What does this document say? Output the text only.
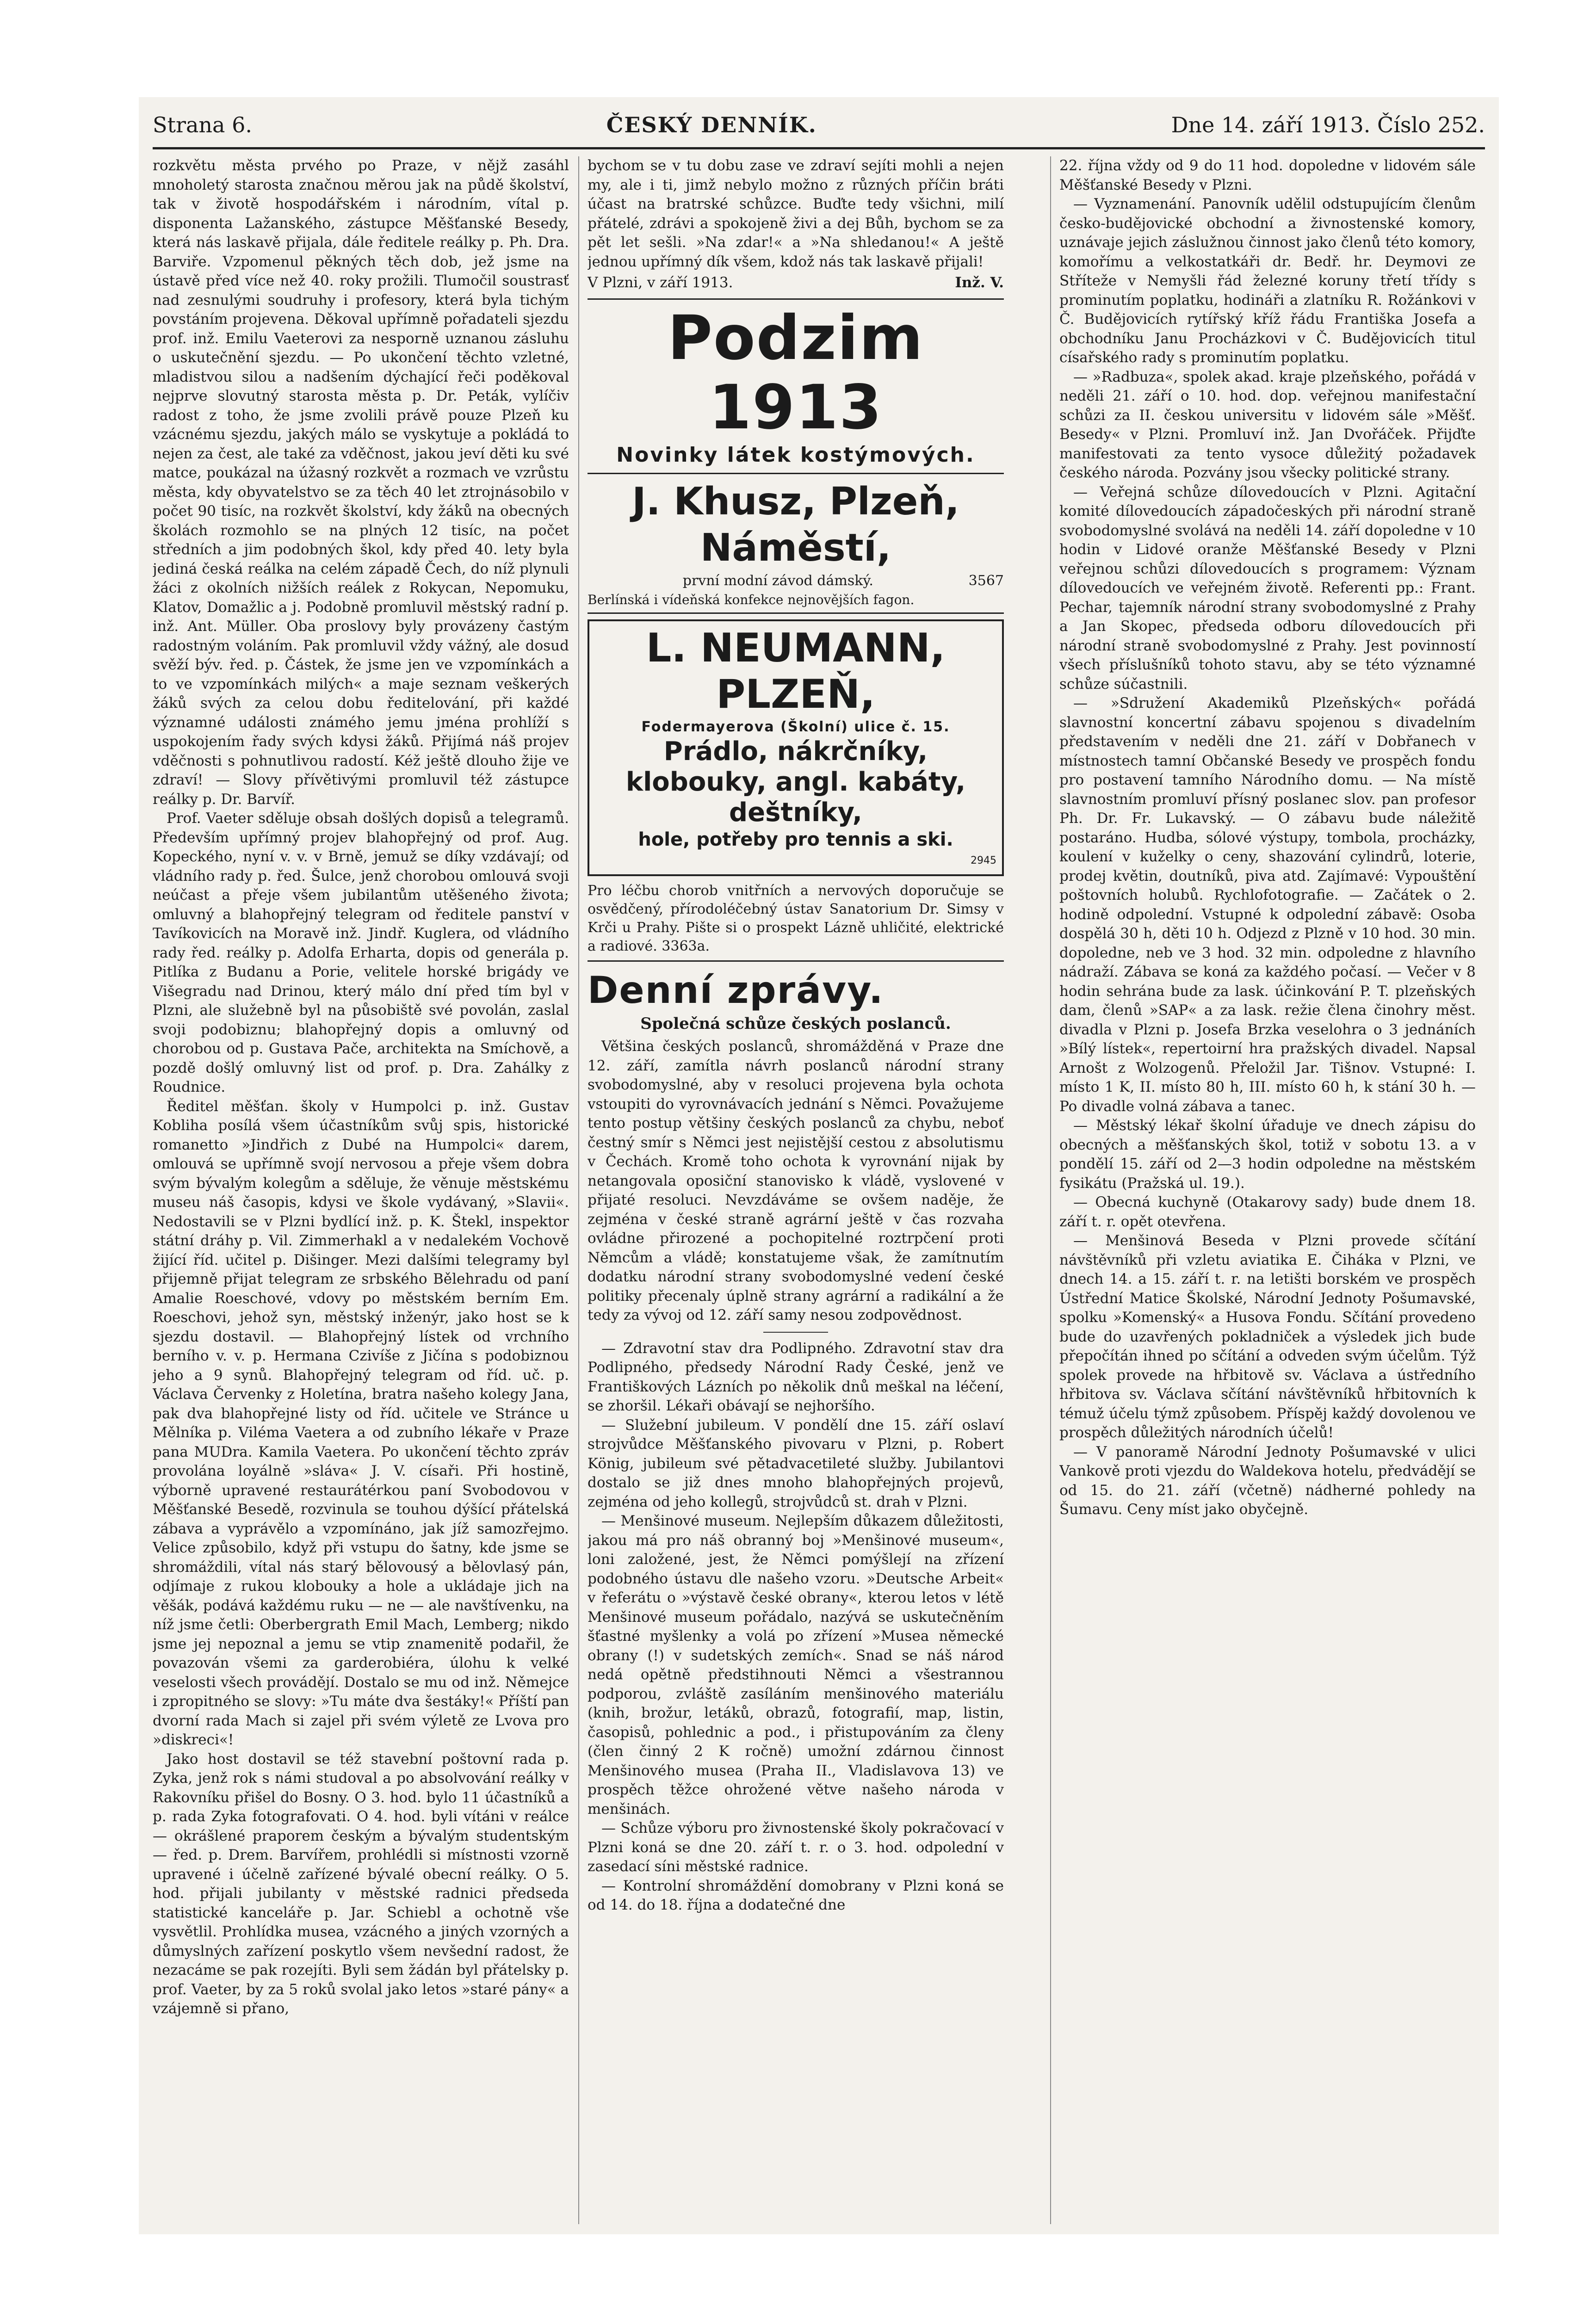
Strana 6.	ČESKÝ DENNÍK.	Dne 14. září 1913. Číslo 252.

rozkvětu města prvého po Praze, v nějž zasáhl mnoholetý starosta značnou měrou jak na půdě školství, tak v životě hospodářském i národním, vítal p. disponenta Lažanského, zástupce Měšťanské Besedy, která nás laskavě přijala, dále ředitele reálky p. Ph. Dra. Barviře. Vzpomenul pěkných těch dob, jež jsme na ústavě před více než 40. roky prožili. Tlumočil soustrasť nad zesnulými soudruhy i profesory, která byla tichým povstáním projevena. Děkoval upřímně pořadateli sjezdu prof. inž. Emilu Vaeterovi za nesporně uznanou zásluhu o uskutečnění sjezdu. — Po ukončení těchto vzletné, mladistvou silou a nadšením dýchající řeči poděkoval nejprve slovutný starosta města p. Dr. Peták, vylíčiv radost z toho, že jsme zvolili právě pouze Plzeň ku vzácnému sjezdu, jakých málo se vyskytuje a pokládá to nejen za čest, ale také za vděčnost, jakou jeví děti ku své matce, poukázal na úžasný rozkvět a rozmach ve vzrůstu města, kdy obyvatelstvo se za těch 40 let ztrojnásobilo v počet 90 tisíc, na rozkvět školství, kdy žáků na obecných školách rozmohlo se na plných 12 tisíc, na počet středních a jim podobných škol, kdy před 40. lety byla jediná česká reálka na celém západě Čech, do níž plynuli žáci z okolních nižších reálek z Rokycan, Nepomuku, Klatov, Domažlic a j. Podobně promluvil městský radní p. inž. Ant. Müller. Oba proslovy byly provázeny častým radostným voláním. Pak promluvil vždy vážný, ale dosud svěží býv. řed. p. Částek, že jsme jen ve vzpomínkách a to ve vzpomínkách milých« a maje seznam veškerých žáků svých za celou dobu ředitelování, při každé významné události známého jemu jména prohlíží s uspokojením řady svých kdysi žáků. Přijímá náš projev vděčnosti s pohnutlivou radostí. Kéž ještě dlouho žije ve zdraví! — Slovy přívětivými promluvil též zástupce reálky p. Dr. Barvíř.

Prof. Vaeter sděluje obsah došlých dopisů a telegramů. Především upřímný projev blahopřejný od prof. Aug. Kopeckého, nyní v. v. v Brně, jemuž se díky vzdávají; od vládního rady p. řed. Šulce, jenž chorobou omlouvá svoji neúčast a přeje všem jubilantům utěšeného života; omluvný a blahopřejný telegram od ředitele panství v Tavíkovicích na Moravě inž. Jindř. Kuglera, od vládního rady řed. reálky p. Adolfa Erharta, dopis od generála p. Pitlíka z Budanu a Porie, velitele horské brigády ve Višegradu nad Drinou, který málo dní před tím byl v Plzni, ale služebně byl na působiště své povolán, zaslal svoji podobiznu; blahopřejný dopis a omluvný od chorobou od p. Gustava Pače, architekta na Smíchově, a pozdě došlý omluvný list od prof. p. Dra. Zahálky z Roudnice.

Ředitel měšťan. školy v Humpolci p. inž. Gustav Kobliha posílá všem účastníkům svůj spis, historické romanetto »Jindřich z Dubé na Humpolci« darem, omlouvá se upřímně svojí nervosou a přeje všem dobra svým bývalým kolegům a sděluje, že věnuje městskému museu náš časopis, kdysi ve škole vydávaný, »Slavii«. Nedostavili se v Plzni bydlící inž. p. K. Štekl, inspektor státní dráhy p. Vil. Zimmerhakl a v nedalekém Vochově žijící říd. učitel p. Dišinger. Mezi dalšími telegramy byl přijemně přijat telegram ze srbského Bělehradu od paní Amalie Roeschové, vdovy po městském berním Em. Roeschovi, jehož syn, městský inženýr, jako host se k sjezdu dostavil. — Blahopřejný lístek od vrchního berního v. v. p. Hermana Czivíše z Jičína s podobiznou jeho a 9 synů. Blahopřejný telegram od říd. uč. p. Václava Červenky z Holetína, bratra našeho kolegy Jana, pak dva blahopřejné listy od říd. učitele ve Stránce u Mělníka p. Viléma Vaetera a od zubního lékaře v Praze pana MUDra. Kamila Vaetera. Po ukončení těchto zpráv provolána loyálně »sláva« J. V. císaři. Při hostině, výborně upravené restaurátérkou paní Svobodovou v Měšťanské Besedě, rozvinula se touhou dýšící přátelská zábava a vyprávělo a vzpomínáno, jak jíž samozřejmo. Velice způsobilo, když při vstupu do šatny, kde jsme se shromáždili, vítal nás starý bělovousý a bělovlasý pán, odjímaje z rukou klobouky a hole a ukládaje jich na věšák, podává každému ruku — ne — ale navštívenku, na níž jsme četli: Oberbergrath Emil Mach, Lemberg; nikdo jsme jej nepoznal a jemu se vtip znamenitě podařil, že povazován všemi za garderobiéra, úlohu k velké veselosti všech provádějí. Dostalo se mu od inž. Němejce i zpropitného se slovy: »Tu máte dva šestáky!« Příští pan dvorní rada Mach si zajel při svém výletě ze Lvova pro »diskreci«!

Jako host dostavil se též stavební poštovní rada p. Zyka, jenž rok s námi studoval a po absolvování reálky v Rakovníku přišel do Bosny. O 3. hod. bylo 11 účastníků a p. rada Zyka fotografovati. O 4. hod. byli vítáni v reálce — okrášlené praporem českým a bývalým studentským — řed. p. Drem. Barvířem, prohlédli si místnosti vzorně upravené i účelně zařízené bývalé obecní reálky. O 5. hod. přijali jubilanty v městské radnici předseda statistické kanceláře p. Jar. Schiebl a ochotně vše vysvětlil. Prohlídka musea, vzácného a jiných vzorných a důmyslných zařízení poskytlo všem nevšední radost, že nezacáme se pak rozejíti. Byli sem žádán byl přátelsky p. prof. Vaeter, by za 5 roků svolal jako letos »staré pány« a vzájemně si přano,

bychom se v tu dobu zase ve zdraví sejíti mohli a nejen my, ale i ti, jimž nebylo možno z různých příčin bráti účast na bratrské schůzce. Buďte tedy všichni, milí přátelé, zdrávi a spokojeně živi a dej Bůh, bychom se za pět let sešli. »Na zdar!« a »Na shledanou!« A ještě jednou upřímný dík všem, kdož nás tak laskavě přijali!

V Plzni, v září 1913.	Inž. V.
Podzim 1913
Novinky látek kostýmových.
J. Khusz, Plzeň, Náměstí,
první modní závod dámský.	3567
Berlínská i vídeňská konfekce nejnovějších fagon.
L. NEUMANN, PLZEŇ,
Fodermayerova (Školní) ulice č. 15.
Prádlo, nákrčníky, klobouky, angl. kabáty, deštníky,
hole, potřeby pro tennis a ski.
2945
Pro léčbu chorob vnitřních a nervových doporučuje se osvědčený, přírodoléčebný ústav Sanatorium Dr. Simsy v Krči u Prahy. Pište si o prospekt Lázně uhličité, elektrické a radiové. 3363a.
Denní zprávy.
Společná schůze českých poslanců.

Většina českých poslanců, shromážděná v Praze dne 12. září, zamítla návrh poslanců národní strany svobodomyslné, aby v resoluci projevena byla ochota vstoupiti do vyrovnávacích jednání s Němci. Považujeme tento postup většiny českých poslanců za chybu, neboť čestný smír s Němci jest nejistější cestou z absolutismu v Čechách. Kromě toho ochota k vyrovnání nijak by netangovala oposiční stanovisko k vládě, vyslovené v přijaté resoluci. Nevzdáváme se ovšem naděje, že zejména v české straně agrární ještě v čas rozvaha ovládne přirozené a pochopitelné roztrpčení proti Němcům a vládě; konstatujeme však, že zamítnutím dodatku národní strany svobodomyslné vedení české politiky přecenaly úplně strany agrární a radikální a že tedy za vývoj od 12. září samy nesou zodpovědnost.

— Zdravotní stav dra Podlipného. Zdravotní stav dra Podlipného, předsedy Národní Rady České, jenž ve Františkových Lázních po několik dnů meškal na léčení, se zhoršil. Lékaři obávají se nejhoršího.

— Služební jubileum. V pondělí dne 15. září oslaví strojvůdce Měšťanského pivovaru v Plzni, p. Robert König, jubileum své pětadvacetileté služby. Jubilantovi dostalo se již dnes mnoho blahopřejných projevů, zejména od jeho kollegů, strojvůdců st. drah v Plzni.

— Menšinové museum. Nejlepším důkazem důležitosti, jakou má pro náš obranný boj »Menšinové museum«, loni založené, jest, že Němci pomýšlejí na zřízení podobného ústavu dle našeho vzoru. »Deutsche Arbeit« v řeferátu o »výstavě české obrany«, kterou letos v létě Menšinové museum pořádalo, nazývá se uskutečněním šťastné myšlenky a volá po zřízení »Musea německé obrany (!) v sudetských zemích«. Snad se náš národ nedá opětně předstihnouti Němci a všestrannou podporou, zvláště zasíláním menšinového materiálu (knih, brožur, letáků, obrazů, fotografií, map, listin, časopisů, pohlednic a pod., i přistupováním za členy (člen činný 2 K ročně) umožní zdárnou činnost Menšinového musea (Praha II., Vladislavova 13) ve prospěch těžce ohrožené větve našeho národa v menšinách.

— Schůze výboru pro živnostenské školy pokračovací v Plzni koná se dne 20. září t. r. o 3. hod. odpolední v zasedací síni městské radnice.

— Kontrolní shromáždění domobrany v Plzni koná se od 14. do 18. října a dodatečné dne

22. října vždy od 9 do 11 hod. dopoledne v lidovém sále Měšťanské Besedy v Plzni.

— Vyznamenání. Panovník udělil odstupujícím členům česko-budějovické obchodní a živnostenské komory, uznávaje jejich záslužnou činnost jako členů této komory, komořímu a velkostatkáři dr. Bedř. hr. Deymovi ze Stříteže v Nemyšli řád železné koruny třetí třídy s prominutím poplatku, hodináři a zlatníku R. Rožánkovi v Č. Budějovicích rytířský kříž řádu Františka Josefa a obchodníku Janu Procházkovi v Č. Budějovicích titul císařského rady s prominutím poplatku.

— »Radbuza«, spolek akad. kraje plzeňského, pořádá v neděli 21. září o 10. hod. dop. veřejnou manifestační schůzi za II. českou universitu v lidovém sále »Měšť. Besedy« v Plzni. Promluví inž. Jan Dvořáček. Přijďte manifestovati za tento vysoce důležitý požadavek českého národa. Pozvány jsou všecky politické strany.

— Veřejná schůze dílovedoucích v Plzni. Agitační komité dílovedoucích západočeských při národní straně svobodomyslné svolává na neděli 14. září dopoledne v 10 hodin v Lidové oranže Měšťanské Besedy v Plzni veřejnou schůzi dílovedoucích s programem: Význam dílovedoucích ve veřejném životě. Referenti pp.: Frant. Pechar, tajemník národní strany svobodomyslné z Prahy a Jan Skopec, předseda odboru dílovedoucích při národní straně svobodomyslné z Prahy. Jest povinností všech příslušníků tohoto stavu, aby se této významné schůze súčastnili.

— »Sdružení Akademiků Plzeňských« pořádá slavnostní koncertní zábavu spojenou s divadelním představením v neděli dne 21. září v Dobřanech v místnostech tamní Občanské Besedy ve prospěch fondu pro postavení tamního Národního domu. — Na místě slavnostním promluví přísný poslanec slov. pan profesor Ph. Dr. Fr. Lukavský. — O zábavu bude náležitě postaráno. Hudba, sólové výstupy, tombola, procházky, koulení v kuželky o ceny, shazování cylindrů, loterie, prodej květin, doutníků, piva atd. Zajímavé: Vypouštění poštovních holubů. Rychlofotografie. — Začátek o 2. hodině odpolední. Vstupné k odpolední zábavě: Osoba dospělá 30 h, děti 10 h. Odjezd z Plzně v 10 hod. 30 min. dopoledne, neb ve 3 hod. 32 min. odpoledne z hlavního nádraží. Zábava se koná za každého počasí. — Večer v 8 hodin sehrána bude za lask. účinkování P. T. plzeňských dam, členů »SAP« a za lask. režie člena činohry měst. divadla v Plzni p. Josefa Brzka veselohra o 3 jednáních »Bílý lístek«, repertoirní hra pražských divadel. Napsal Arnošt z Wolzogenů. Přeložil Jar. Tišnov. Vstupné: I. místo 1 K, II. místo 80 h, III. místo 60 h, k stání 30 h. — Po divadle volná zábava a tanec.

— Městský lékař školní úřaduje ve dnech zápisu do obecných a měšťanských škol, totiž v sobotu 13. a v pondělí 15. září od 2—3 hodin odpoledne na městském fysikátu (Pražská ul. 19.).

— Obecná kuchyně (Otakarovy sady) bude dnem 18. září t. r. opět otevřena.

— Menšinová Beseda v Plzni provede sčítání návštěvníků při vzletu aviatika E. Čiháka v Plzni, ve dnech 14. a 15. září t. r. na letišti borském ve prospěch Ústřední Matice Školské, Národní Jednoty Pošumavské, spolku »Komenský« a Husova Fondu. Sčítání provedeno bude do uzavřených pokladniček a výsledek jich bude přepočítán ihned po sčítání a odveden svým účelům. Týž spolek provede na hřbitově sv. Václava a ústředního hřbitova sv. Václava sčítání návštěvníků hřbitovních k témuž účelu týmž způsobem. Příspěj každý dovolenou ve prospěch důležitých národních účelů!

— V panoramě Národní Jednoty Pošumavské v ulici Vankově proti vjezdu do Waldekova hotelu, předvádějí se od 15. do 21. září (včetně) nádherné pohledy na Šumavu. Ceny míst jako obyčejně.
